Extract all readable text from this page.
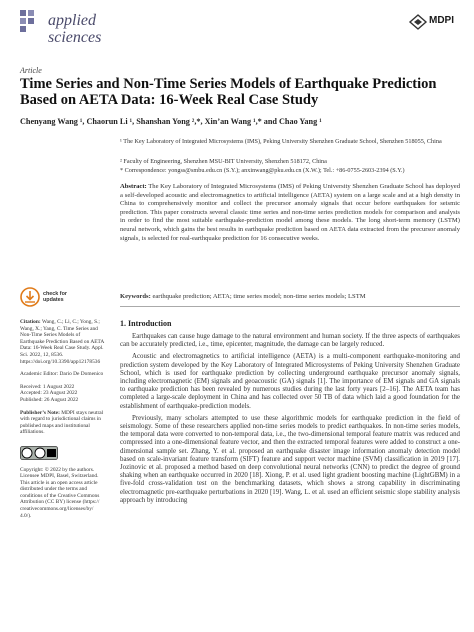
applied
sciences
MDPI
Article
Time Series and Non-Time Series Models of Earthquake Prediction Based on AETA Data: 16-Week Real Case Study
Chenyang Wang ¹, Chaorun Li ¹, Shanshan Yong ²,*, Xin’an Wang ¹,* and Chao Yang ¹
¹ The Key Laboratory of Integrated Microsystems (IMS), Peking University Shenzhen Graduate School, Shenzhen 518055, China
² Faculty of Engineering, Shenzhen MSU-BIT University, Shenzhen 518172, China
* Correspondence: yongss@smbu.edu.cn (S.Y.); anxinwang@pku.edu.cn (X.W.); Tel.: +86-0755-2603-2394 (S.Y.)
Abstract: The Key Laboratory of Integrated Microsystems (IMS) of Peking University Shenzhen Graduate School has deployed a self-developed acoustic and electromagnetics to artificial intelligence (AETA) system on a large scale and at a high density in China to comprehensively monitor and collect the precursor anomaly signals that occur before earthquakes for seismic prediction. This paper constructs several classic time series and non-time series prediction models for comparison and analysis in order to find the most suitable earthquake-prediction model among these models. The long short-term memory (LSTM) neural network, which gains the best results in earthquake prediction based on AETA data extracted from the precursor anomaly signals, is selected for real-earthquake prediction for 16 consecutive weeks.
Keywords: earthquake prediction; AETA; time series model; non-time series models; LSTM
check for
updates
Citation: Wang, C.; Li, C.; Yong, S.; Wang, X.; Yang, C. Time Series and Non-Time Series Models of Earthquake Prediction Based on AETA Data: 16-Week Real Case Study. Appl. Sci. 2022, 12, 8536. https://doi.org/10.3390/app12178536
Academic Editor: Dario De Domenico
Received: 1 August 2022
Accepted: 23 August 2022
Published: 26 August 2022
Publisher’s Note: MDPI stays neutral with regard to jurisdictional claims in published maps and institutional affiliations.
Copyright: © 2022 by the authors. Licensee MDPI, Basel, Switzerland. This article is an open access article distributed under the terms and conditions of the Creative Commons Attribution (CC BY) license (https:// creativecommons.org/licenses/by/ 4.0/).
1. Introduction

Earthquakes can cause huge damage to the natural environment and human society. If the three aspects of earthquakes can be accurately predicted, i.e., time, epicenter, magnitude, the damage can be largely reduced.

Acoustic and electromagnetics to artificial intelligence (AETA) is a multi-component earthquake-monitoring and prediction system developed by the Key Laboratory of Integrated Microsystems of Peking University Shenzhen Graduate School, which is used for earthquake prediction by collecting underground earthquake precursor anomaly signals, including electromagnetic (EM) signals and geoacoustic (GA) signals [1]. The importance of EM signals and GA signals to earthquake prediction has been revealed by numerous studies during the last forty years [2–16]. The AETA team has completed a large-scale deployment in China and has collected over 50 TB of data which laid a good foundation for the establishment of earthquake-prediction models.

Previously, many scholars attempted to use these algorithmic models for earthquake prediction in the field of seismology. Some of these researchers applied non-time series models to predict earthquakes. In non-time series models, the temporal data were converted to non-temporal data, i.e., the two-dimensional temporal feature matrix was reduced and compressed into a one-dimensional feature vector, and then the extracted temporal features were added to construct a one-dimensional sample set. Zhang, Y. et al. proposed an earthquake disaster image information anomaly detection model based on scale-invariant feature transform (SIFT) feature and support vector machine (SVM) classification in 2019 [17]. Jozinovic et al. proposed a method based on deep convolutional neural networks (CNN) to predict the degree of ground shaking when an earthquake occurred in 2020 [18]. Xiong, P. et al. used light gradient boosting machine (LightGBM) in a five-fold cross-validation test on the benchmarking datasets, which shows a strong capability in discriminating electromagnetic pre-earthquake perturbations in 2020 [19]. Wang, L. et al. used an efficient seismic slope stability analysis approach by introducing
